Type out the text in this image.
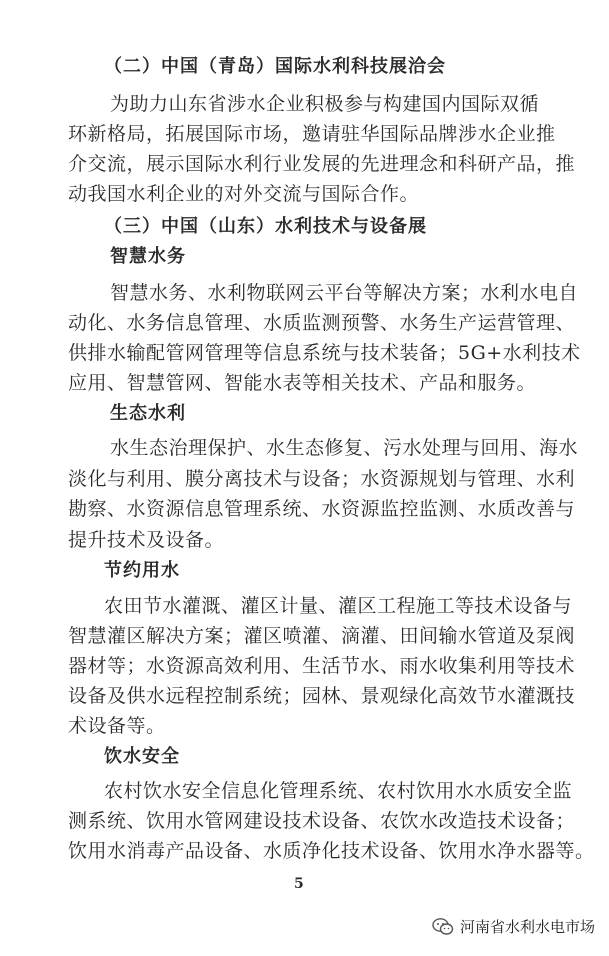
（二）中国（青岛）国际水利科技展洽会
为助力山东省涉水企业积极参与构建国内国际双循
环新格局，拓展国际市场，邀请驻华国际品牌涉水企业推
介交流，展示国际水利行业发展的先进理念和科研产品，推
动我国水利企业的对外交流与国际合作。
（三）中国（山东）水利技术与设备展
智慧水务
智慧水务、水利物联网云平台等解决方案；水利水电自
动化、水务信息管理、水质监测预警、水务生产运营管理、
供排水输配管网管理等信息系统与技术装备；5G+水利技术
应用、智慧管网、智能水表等相关技术、产品和服务。
生态水利
水生态治理保护、水生态修复、污水处理与回用、海水
淡化与利用、膜分离技术与设备；水资源规划与管理、水利
勘察、水资源信息管理系统、水资源监控监测、水质改善与
提升技术及设备。
节约用水
农田节水灌溉、灌区计量、灌区工程施工等技术设备与
智慧灌区解决方案；灌区喷灌、滴灌、田间输水管道及泵阀
器材等；水资源高效利用、生活节水、雨水收集利用等技术
设备及供水远程控制系统；园林、景观绿化高效节水灌溉技
术设备等。
饮水安全
农村饮水安全信息化管理系统、农村饮用水水质安全监
测系统、饮用水管网建设技术设备、农饮水改造技术设备；
饮用水消毒产品设备、水质净化技术设备、饮用水净水器等。
5
河南省水利水电市场
